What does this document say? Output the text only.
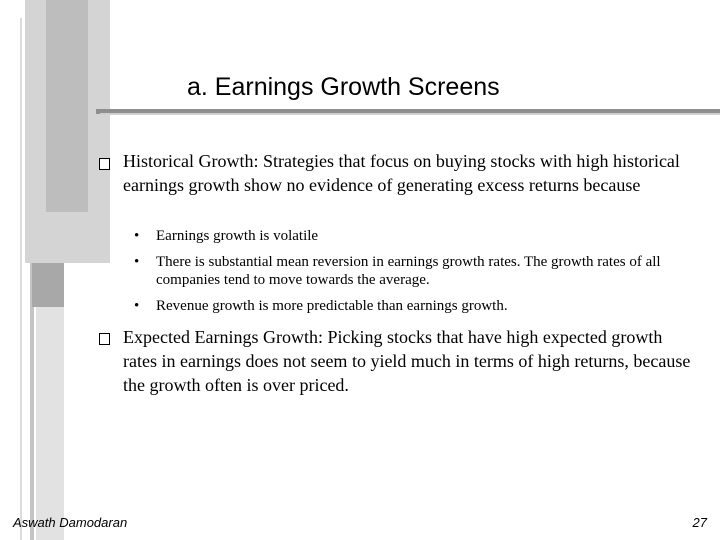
a. Earnings Growth Screens
Historical Growth: Strategies that focus on buying stocks with high historical earnings growth show no evidence of generating excess returns because
• Earnings growth is volatile
• There is substantial mean reversion in earnings growth rates. The growth rates of all companies tend to move towards the average.
• Revenue growth is more predictable than earnings growth.
Expected Earnings Growth: Picking stocks that have high expected growth rates in earnings does not seem to yield much in terms of high returns, because the growth often is over priced.
Aswath Damodaran	27
